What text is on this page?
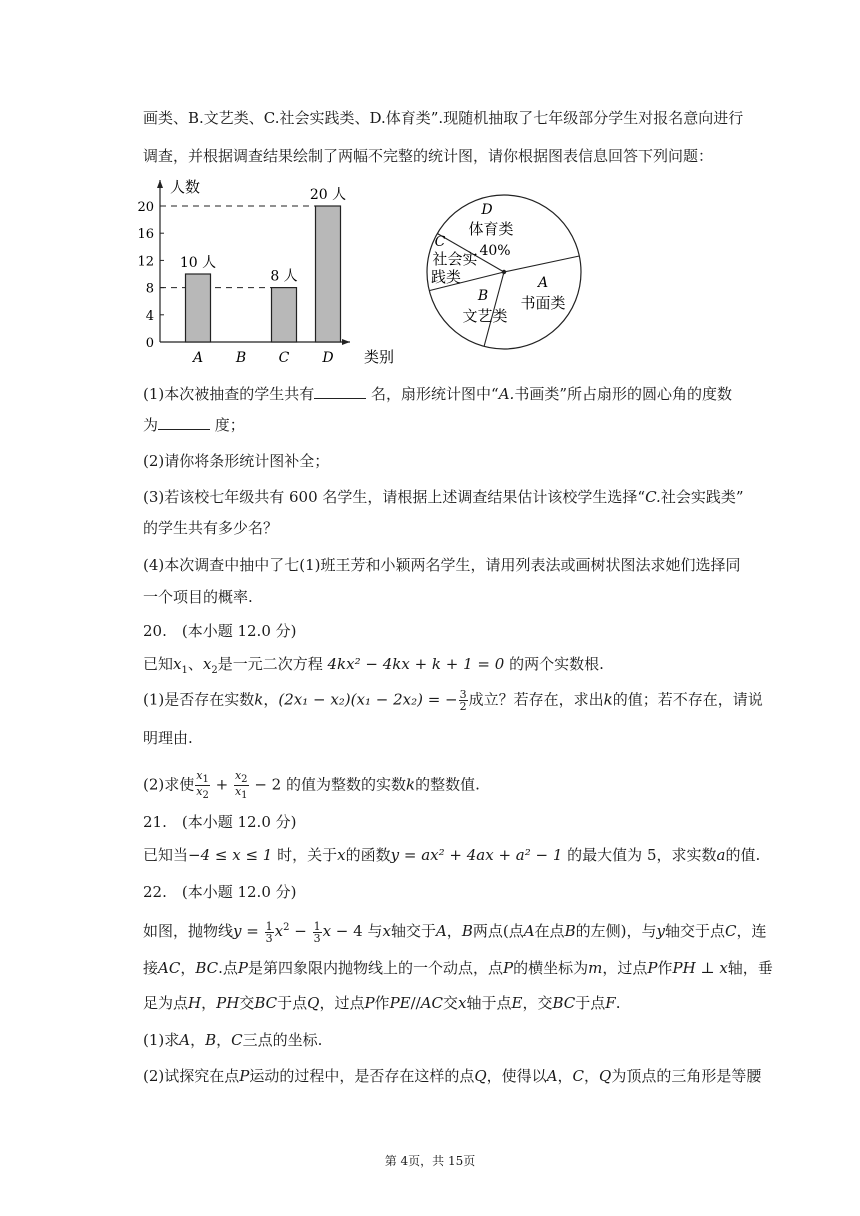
画类、B.文艺类、C.社会实践类、D.体育类”.现随机抽取了七年级部分学生对报名意向进行
调查，并根据调查结果绘制了两幅不完整的统计图，请你根据图表信息回答下列问题：
人数
类别
0
4
8
12
16
20
10 人
A B
8 人
C
20 人
D
D
体育类
40%
A
书面类
B
文艺类
C
社会实
践类
(1)本次被抽查的学生共有	名，扇形统计图中“A.书画类”所占扇形的圆心角的度数
为	度；
(2)请你将条形统计图补全；
(3)若该校七年级共有 600 名学生，请根据上述调查结果估计该校学生选择“C.社会实践类”
的学生共有多少名？
(4)本次调查中抽中了七(1)班王芳和小颖两名学生，请用列表法或画树状图法求她们选择同
一个项目的概率.
20.　(本小题 12.0 分)
已知$x_1$、$x_2$是一元二次方程 4kx² − 4kx + k + 1 = 0 的两个实数根.
(1)是否存在实数k，(2x₁ − x₂)(x₁ − 2x₂) = − $\frac{3}{2}$ 成立？若存在，求出k的值；若不存在，请说
明理由.
(2)求使 $\frac{x_1}{x_2} + \frac{x_2}{x_1} - 2$ 的值为整数的实数k的整数值.
21.　(本小题 12.0 分)
已知当−4 ≤ x ≤ 1 时，关于x的函数y = ax² + 4ax + a² − 1 的最大值为 5，求实数a的值.
22.　(本小题 12.0 分)
如图，抛物线$y = \frac{1}{3} x^2 - \frac{1}{3}$ x − 4 与x轴交于A，B两点(点A在点B的左侧)，与y轴交于点C，连
接AC，BC.点P是第四象限内抛物线上的一个动点，点P的横坐标为m，过点P作PH ⊥ x轴，垂
足为点H，PH交BC于点Q，过点P作PE//AC交x轴于点E，交BC于点F.
(1)求A，B，C三点的坐标.
(2)试探究在点P运动的过程中，是否存在这样的点Q，使得以A，C，Q为顶点的三角形是等腰
第 4页，共 15页
